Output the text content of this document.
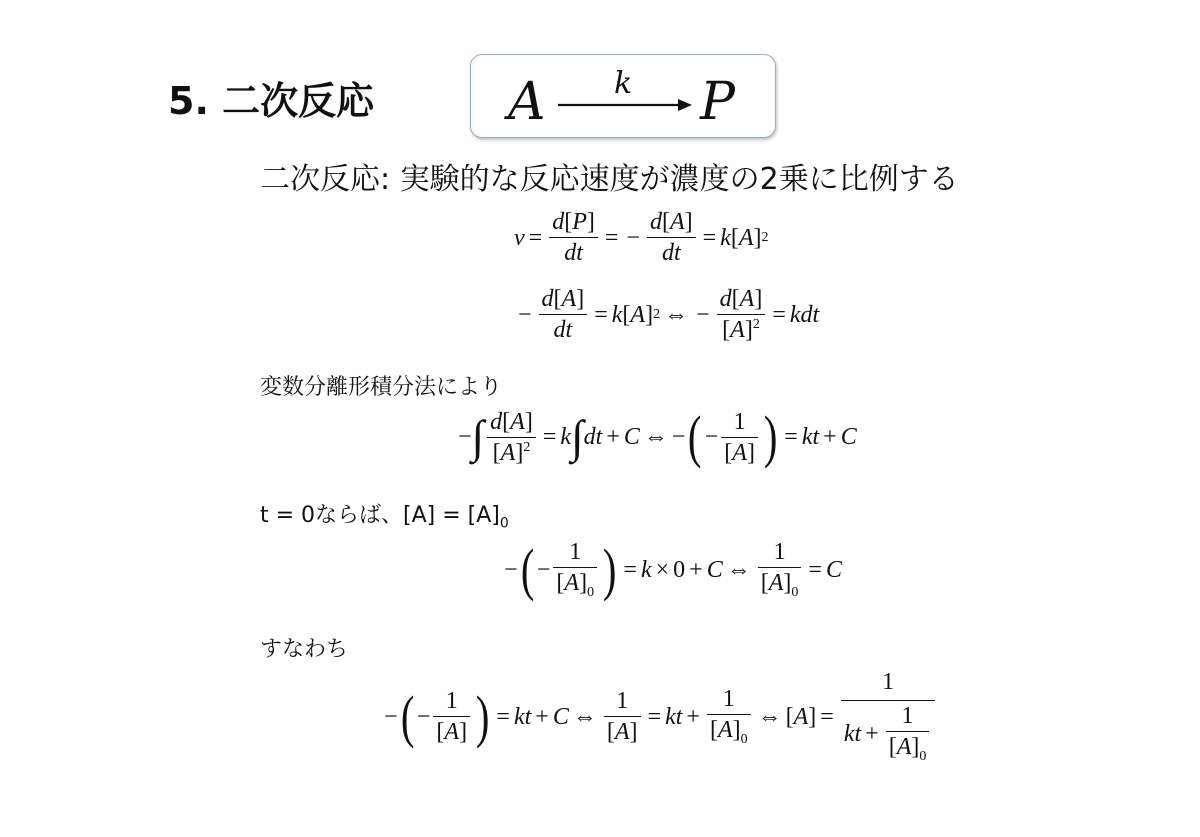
5. 二次反応	A k P
二次反応: 実験的な反応速度が濃度の2乗に比例する
$v = \frac{d[P]}{dt}$ = − $\frac{d[A]}{dt} = k$ [ A ] 2
− $\frac{d[A]}{dt} = k$ [ A ] 2 ⇔ − $\frac{d[A]}{[A]^2}$ = kdt
変数分離形積分法により
− ∫ $\frac{d[A]}{[A]^2} = k$ ∫ dt + C ⇔ − ( − $\frac{1}{[A]}$ ) = kt + C
t = 0ならば、$[A] = [A]_0$
− ( − $\frac{1}{[A]_0}$ ) = k × 0 + C ⇔ $\frac{1}{[A]_0} = C$
すなわち
− ( − $\frac{1}{[A]}$ ) = kt + C ⇔ $\frac{1}{[A]}$ = kt + $\frac{1}{[A]_0}$ ⇔ [ A ] = $\frac{1}{kt + \frac{1}{[A]_0}}$
